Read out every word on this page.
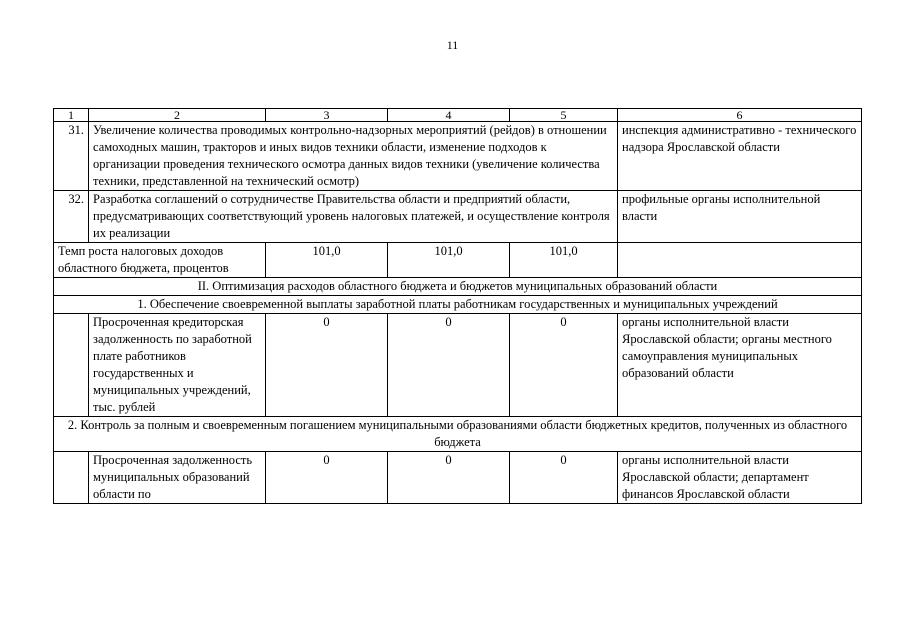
11
1	2	3	4	5	6
31.	Увеличение количества проводимых контрольно-надзорных мероприятий (рейдов) в отношении самоходных машин, тракторов и иных видов техники области, изменение подходов к организации проведения технического осмотра данных видов техники (увеличение количества техники, представленной на технический осмотр)				инспекция административно - технического надзора Ярославской области
32.	Разработка соглашений о сотрудничестве Правительства области и предприятий области, предусматривающих соответствующий уровень налоговых платежей, и осуществление контроля их реализации				профильные органы исполнительной власти
Темп роста налоговых доходов областного бюджета, процентов		101,0	101,0	101,0	
II. Оптимизация расходов областного бюджета и бюджетов муниципальных образований области					
1. Обеспечение своевременной выплаты заработной платы работникам государственных и муниципальных учреждений					
	Просроченная кредиторская задолженность по заработной плате работников государственных и муниципальных учреждений, тыс. рублей	0	0	0	органы исполнительной власти Ярославской области; органы местного самоуправления муниципальных образований области
2. Контроль за полным и своевременным погашением муниципальными образованиями области бюджетных кредитов, полученных из областного бюджета					
	Просроченная задолженность муниципальных образований области по	0	0	0	органы исполнительной власти Ярославской области; департамент финансов Ярославской области
